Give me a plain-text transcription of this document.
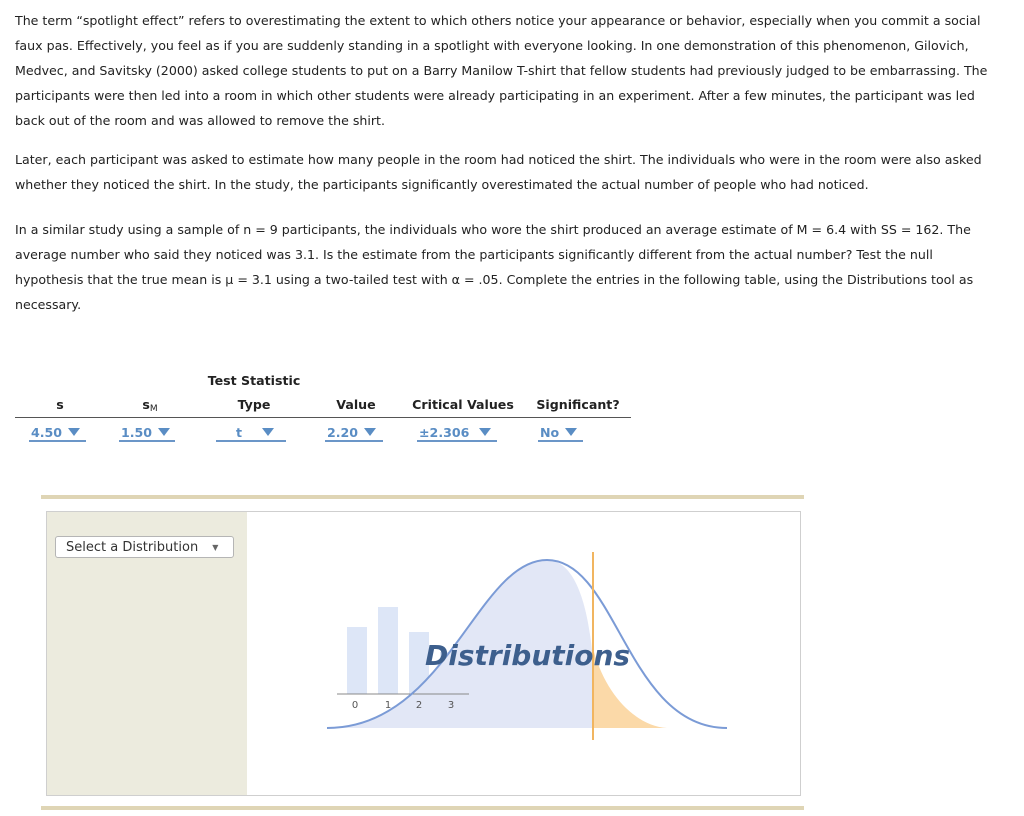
The term “spotlight effect” refers to overestimating the extent to which others notice your appearance or behavior, especially when you commit a social faux pas. Effectively, you feel as if you are suddenly standing in a spotlight with everyone looking. In one demonstration of this phenomenon, Gilovich, Medvec, and Savitsky (2000) asked college students to put on a Barry Manilow T-shirt that fellow students had previously judged to be embarrassing. The participants were then led into a room in which other students were already participating in an experiment. After a few minutes, the participant was led back out of the room and was allowed to remove the shirt.

Later, each participant was asked to estimate how many people in the room had noticed the shirt. The individuals who were in the room were also asked whether they noticed the shirt. In the study, the participants significantly overestimated the actual number of people who had noticed.

In a similar study using a sample of n = 9 participants, the individuals who wore the shirt produced an average estimate of M = 6.4 with SS = 162. The average number who said they noticed was 3.1. Is the estimate from the participants significantly different from the actual number? Test the null hypothesis that the true mean is μ = 3.1 using a two-tailed test with α = .05. Complete the entries in the following table, using the Distributions tool as necessary.

Test Statistic
s	sM	Type	Value	Critical Values	Significant?
4.50	1.50	t	2.20	±2.306	No
Select a Distribution ▼
0	1 2	3
Distributions
